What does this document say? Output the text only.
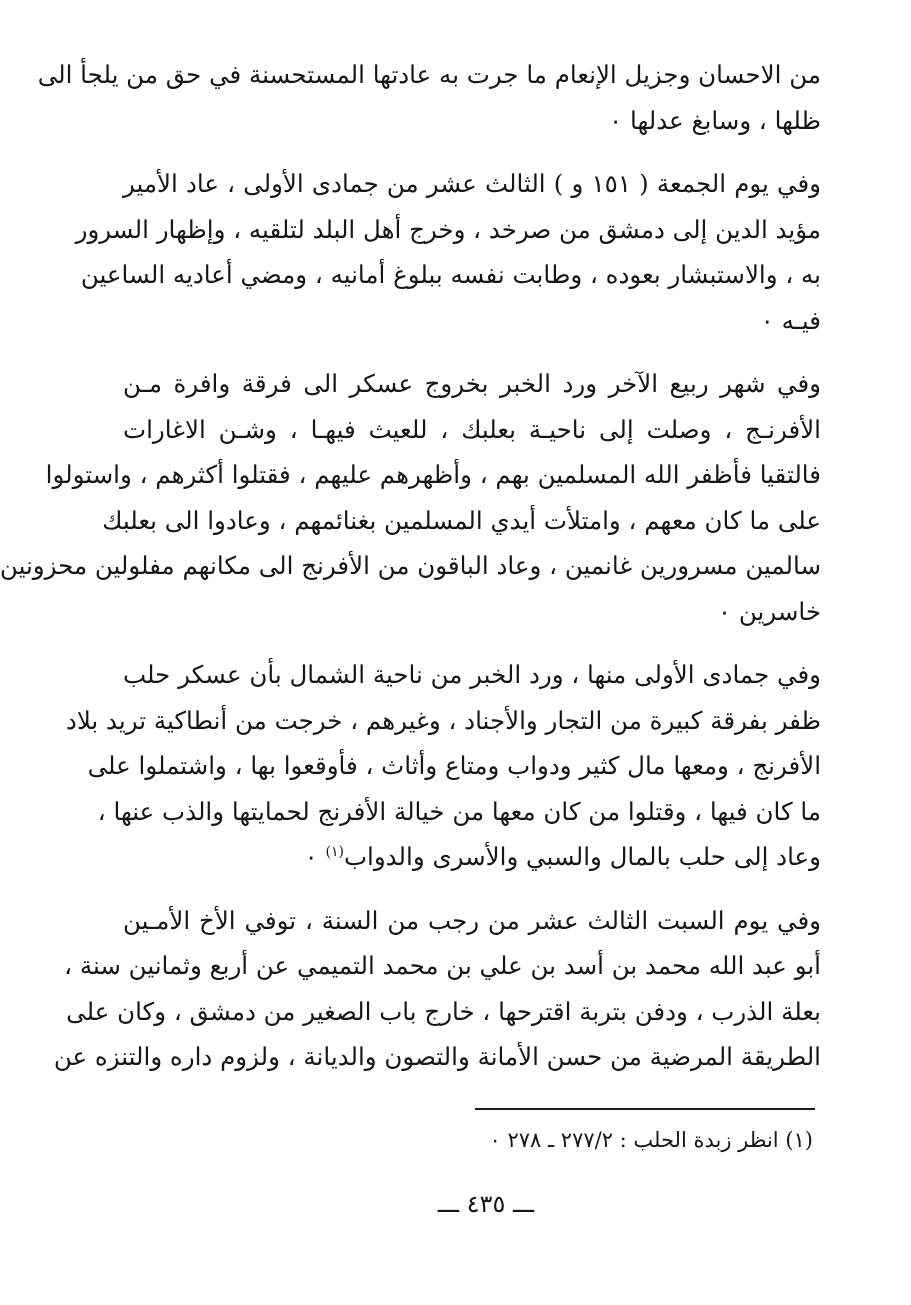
من الاحسان وجزيل الإنعام ما جرت به عادتها المستحسنة في حق من يلجأ الى
ظلها ، وسابغ عدلها ٠
وفي يوم الجمعة ( ١٥١ و ) الثالث عشر من جمادى الأولى ، عاد الأمير
مؤيد الدين إلى دمشق من صرخد ، وخرج أهل البلد لتلقيه ، وإظهار السرور
به ، والاستبشار بعوده ، وطابت نفسه ببلوغ أمانيه ، ومضي أعاديه الساعين
فيـه ٠
وفي شهر ربيع الآخر ورد الخبر بخروج عسكر الى فرقة وافرة مـن
الأفرنـج ، وصلت إلى ناحيـة بعلبك ، للعيث فيهـا ، وشـن الاغارات
فالتقيا فأظفر الله المسلمين بهم ، وأظهرهم عليهم ، فقتلوا أكثرهم ، واستولوا
على ما كان معهم ، وامتلأت أيدي المسلمين بغنائمهم ، وعادوا الى بعلبك
سالمين مسرورين غانمين ، وعاد الباقون من الأفرنج الى مكانهم مفلولين محزونين
خاسرين ٠
وفي جمادى الأولى منها ، ورد الخبر من ناحية الشمال بأن عسكر حلب
ظفر بفرقة كبيرة من التجار والأجناد ، وغيرهم ، خرجت من أنطاكية تريد بلاد
الأفرنج ، ومعها مال كثير ودواب ومتاع وأثاث ، فأوقعوا بها ، واشتملوا على
ما كان فيها ، وقتلوا من كان معها من خيالة الأفرنج لحمايتها والذب عنها ،
وعاد إلى حلب بالمال والسبي والأسرى والدواب$^{(١)}$ ٠
وفي يوم السبت الثالث عشر من رجب من السنة ، توفي الأخ الأمـين
أبو عبد الله محمد بن أسد بن علي بن محمد التميمي عن أربع وثمانين سنة ،
بعلة الذرب ، ودفن بتربة اقترحها ، خارج باب الصغير من دمشق ، وكان على
الطريقة المرضية من حسن الأمانة والتصون والديانة ، ولزوم داره والتنزه عن
(١) انظر زبدة الحلب : ٢٧٧/٢ ـ ٢٧٨ ٠
ـــ ٤٣٥ ـــ
